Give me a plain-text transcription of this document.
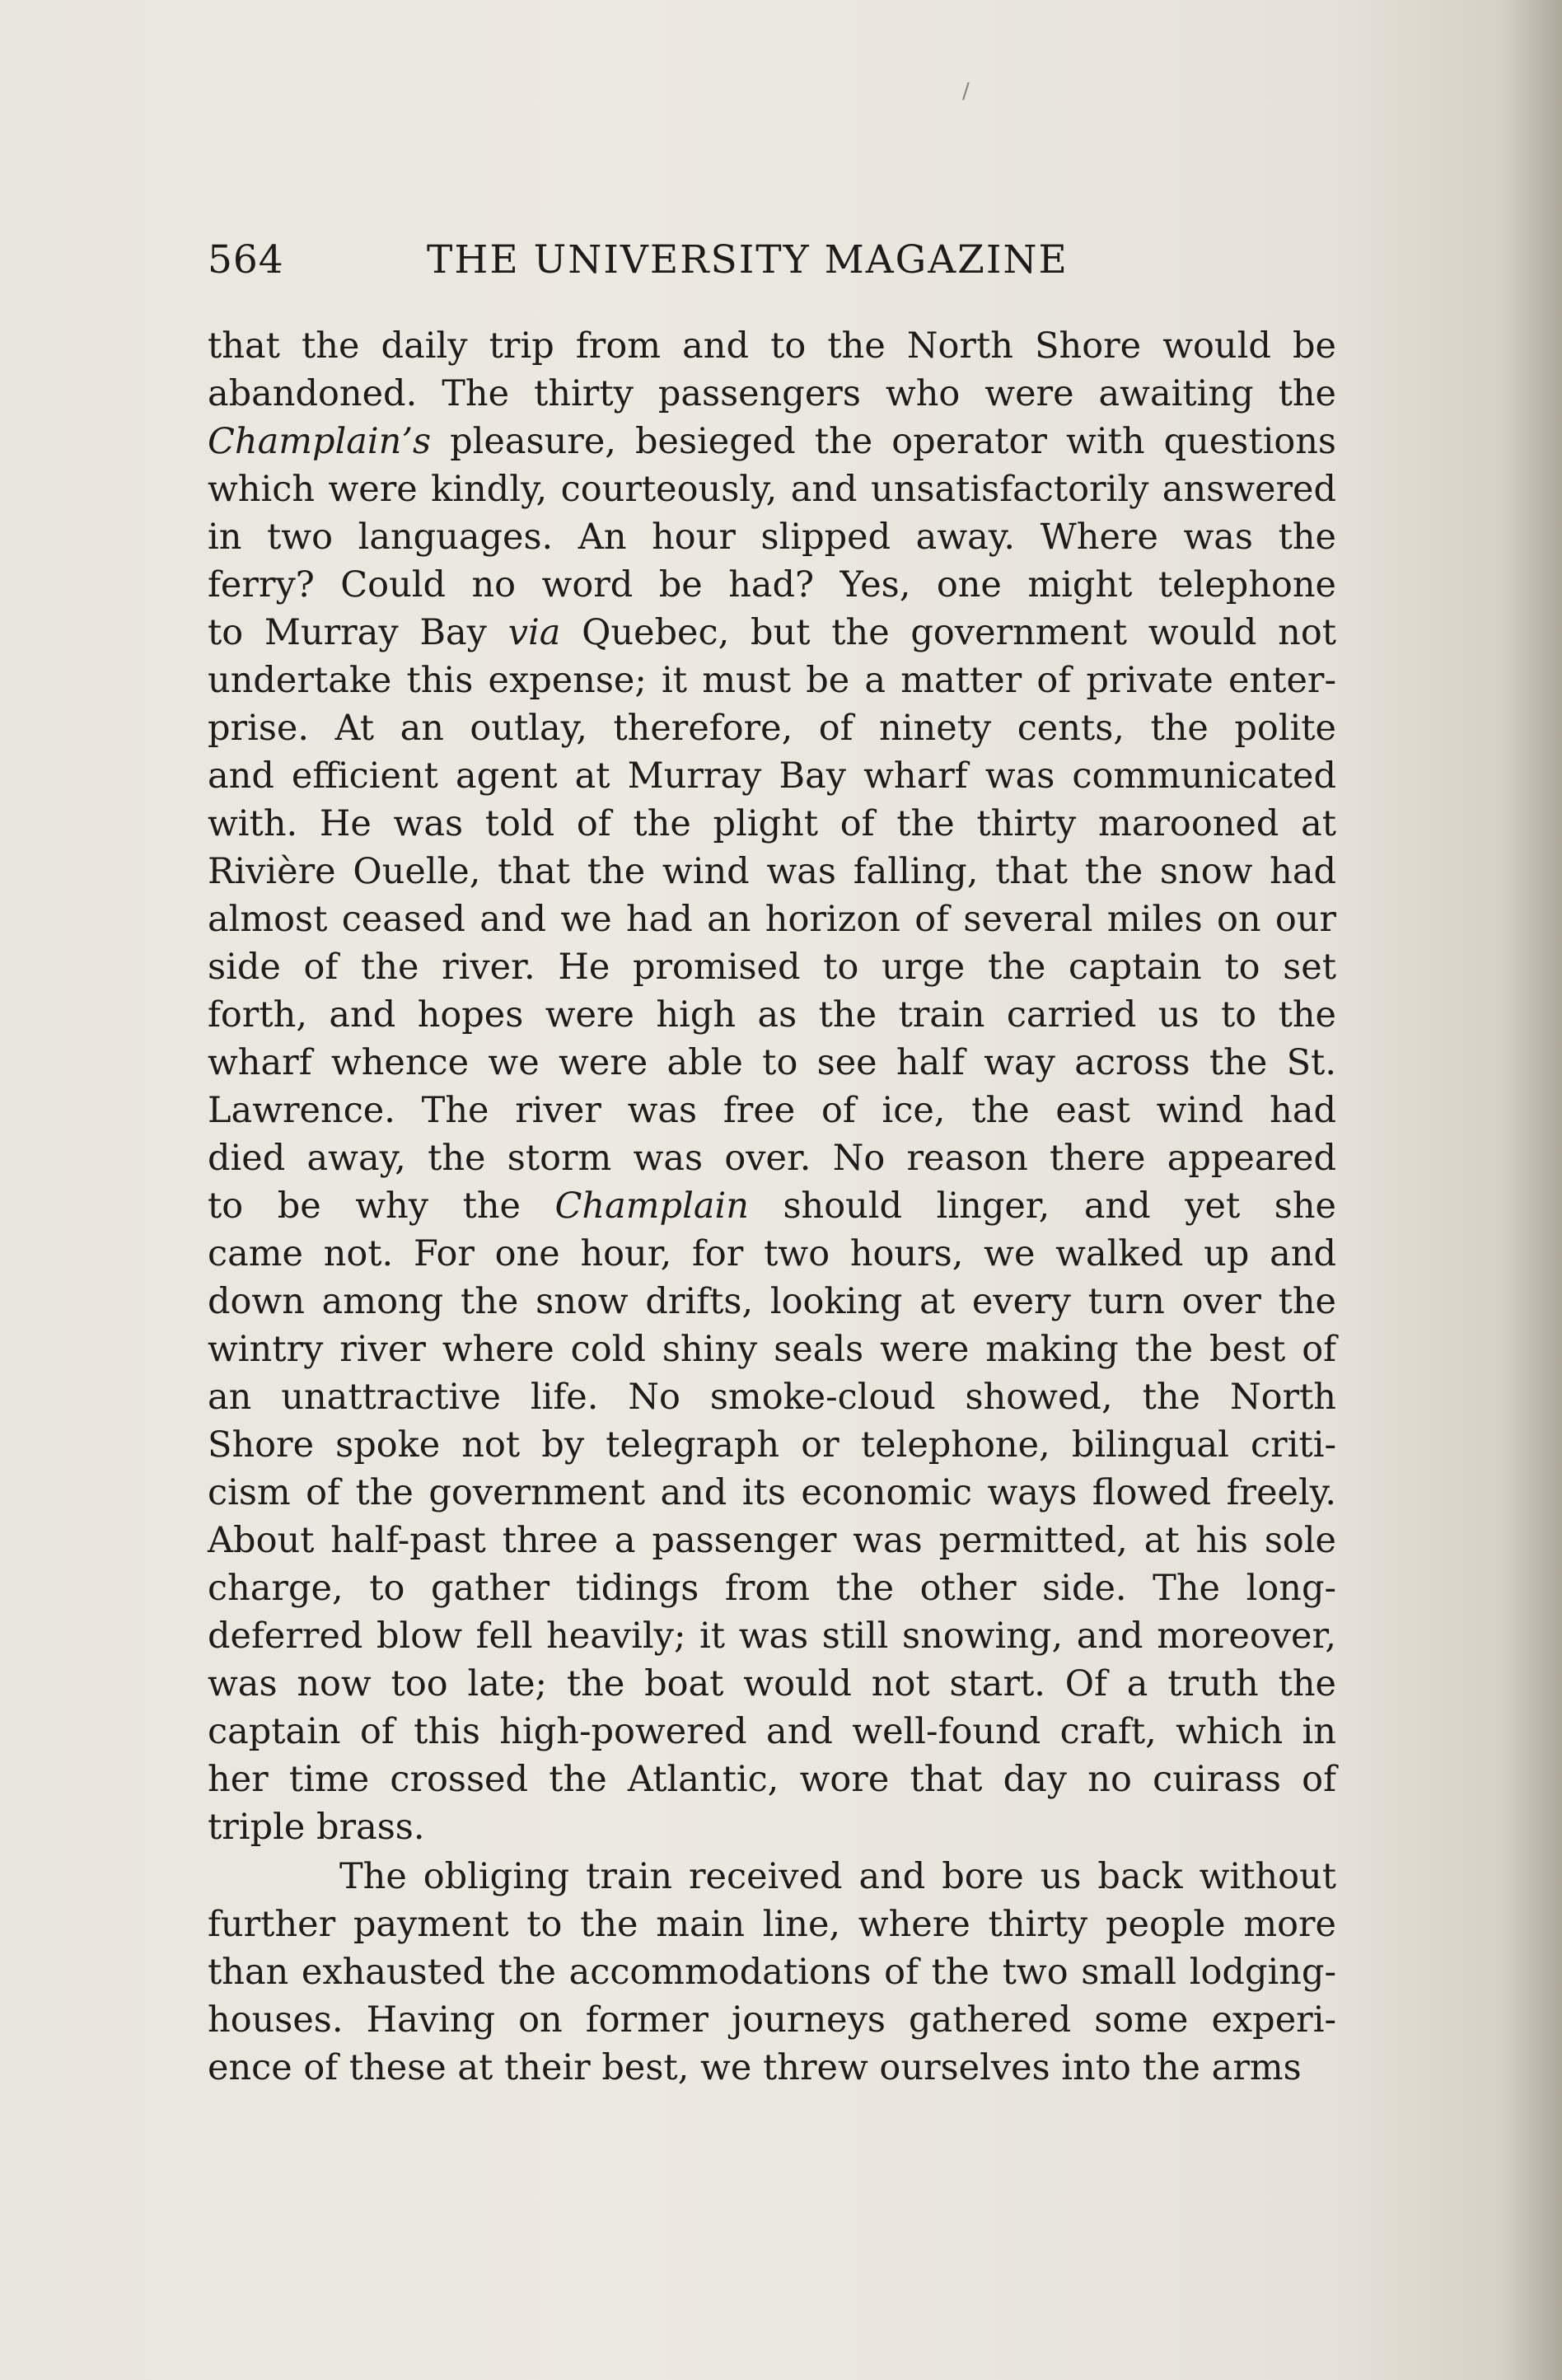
/
564	THE UNIVERSITY MAGAZINE
that the daily trip from and to the North Shore would be
abandoned. The thirty passengers who were awaiting the
Champlain’s pleasure, besieged the operator with questions
which were kindly, courteously, and unsatisfactorily answered
in two languages. An hour slipped away. Where was the
ferry? Could no word be had? Yes, one might telephone
to Murray Bay via Quebec, but the government would not
undertake this expense; it must be a matter of private enter-
prise. At an outlay, therefore, of ninety cents, the polite
and efficient agent at Murray Bay wharf was communicated
with. He was told of the plight of the thirty marooned at
Rivière Ouelle, that the wind was falling, that the snow had
almost ceased and we had an horizon of several miles on our
side of the river. He promised to urge the captain to set
forth, and hopes were high as the train carried us to the
wharf whence we were able to see half way across the St.
Lawrence. The river was free of ice, the east wind had
died away, the storm was over. No reason there appeared
to be why the Champlain should linger, and yet she
came not. For one hour, for two hours, we walked up and
down among the snow drifts, looking at every turn over the
wintry river where cold shiny seals were making the best of
an unattractive life. No smoke-cloud showed, the North
Shore spoke not by telegraph or telephone, bilingual criti-
cism of the government and its economic ways flowed freely.
About half-past three a passenger was permitted, at his sole
charge, to gather tidings from the other side. The long-
deferred blow fell heavily; it was still snowing, and moreover,
was now too late; the boat would not start. Of a truth the
captain of this high-powered and well-found craft, which in
her time crossed the Atlantic, wore that day no cuirass of
triple brass.
The obliging train received and bore us back without
further payment to the main line, where thirty people more
than exhausted the accommodations of the two small lodging-
houses. Having on former journeys gathered some experi-
ence of these at their best, we threw ourselves into the arms
